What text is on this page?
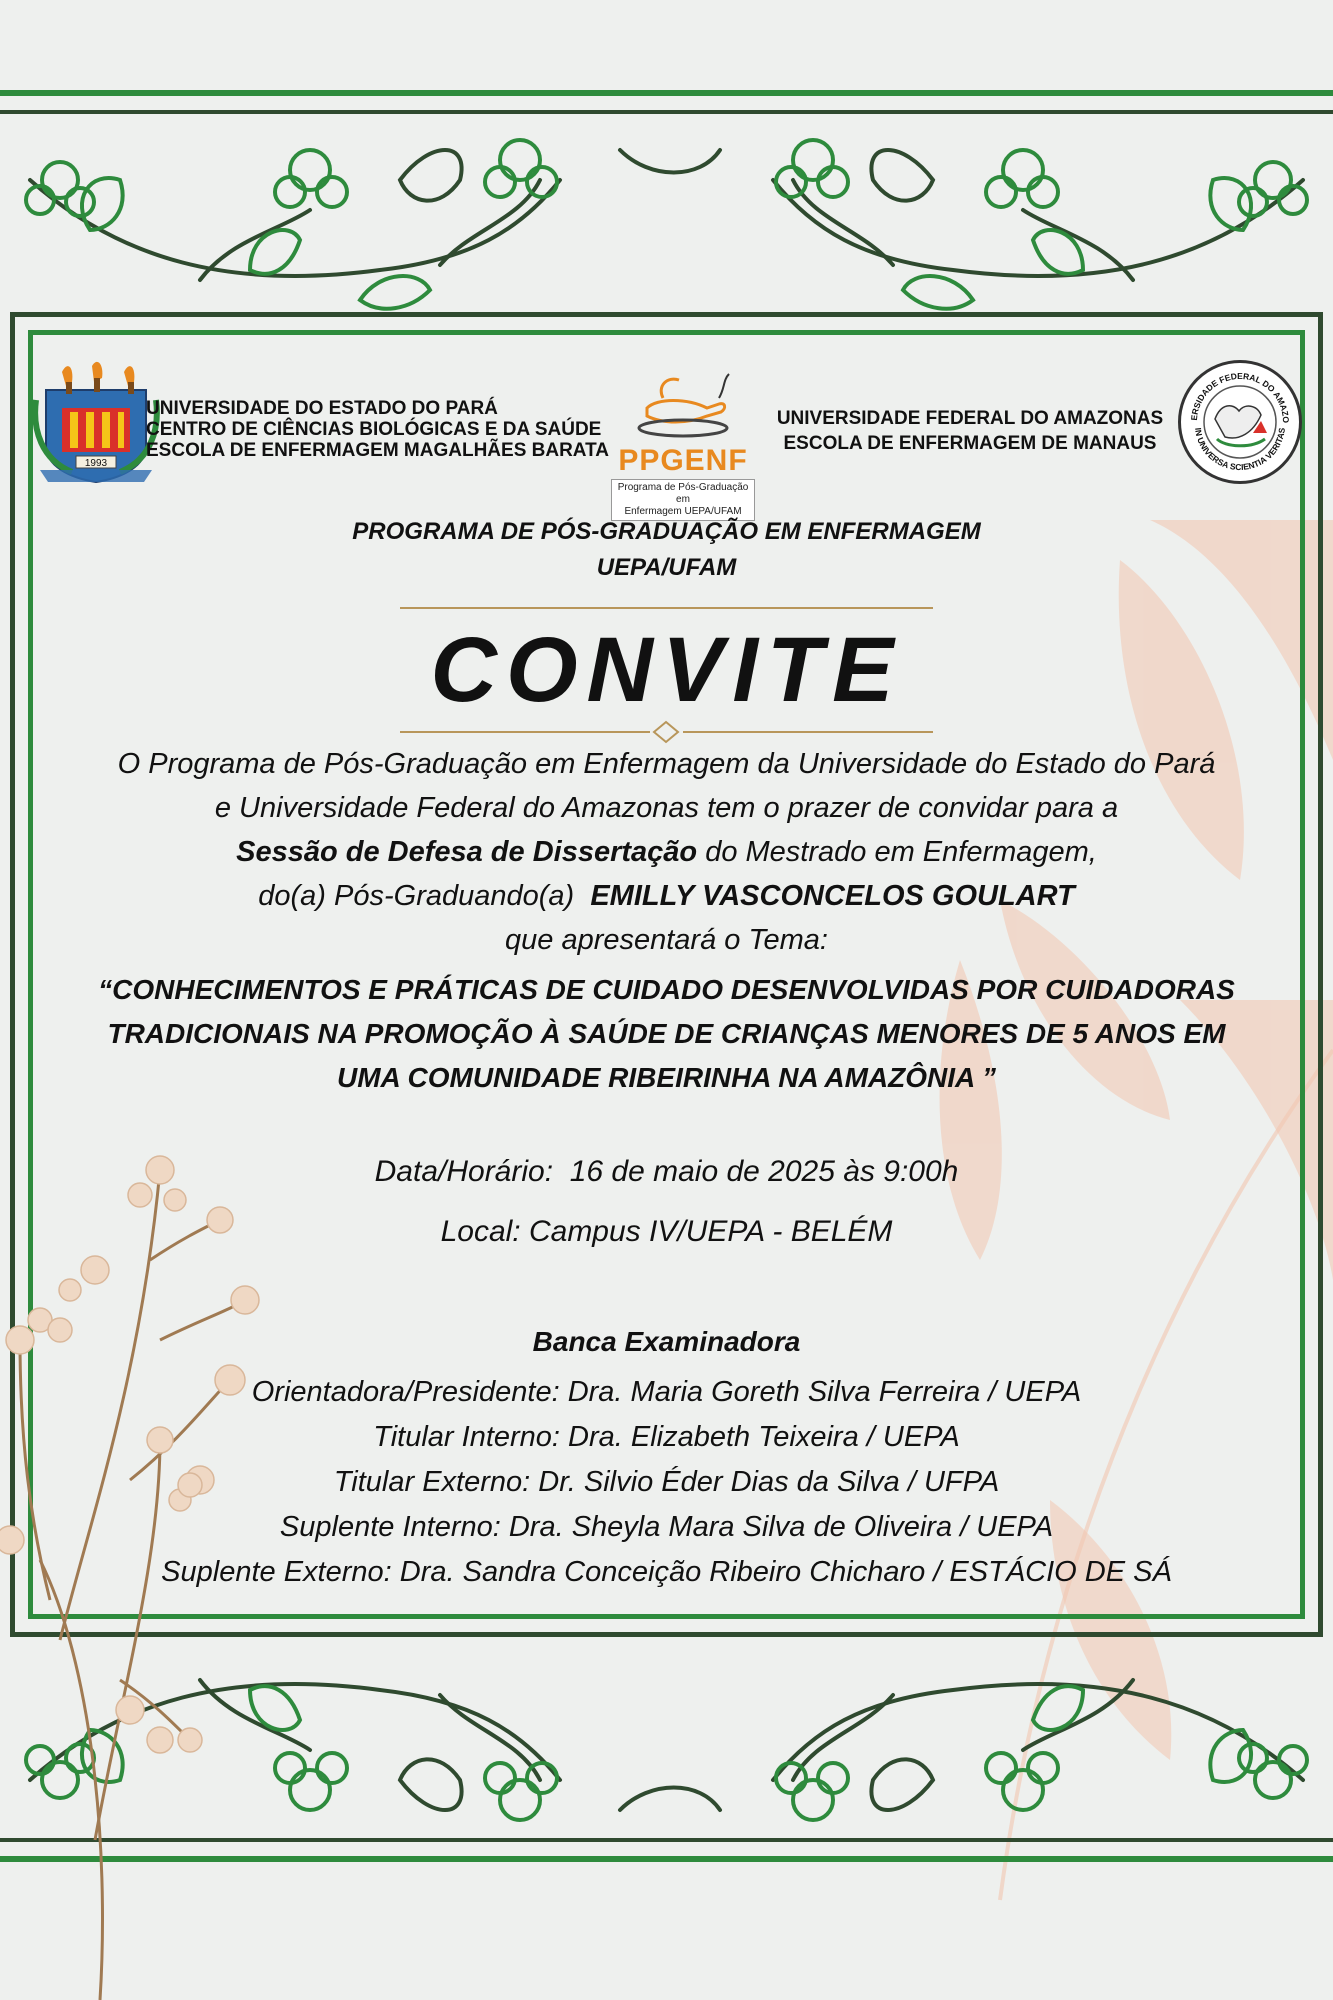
1993
UNIVERSIDADE DO ESTADO DO PARÁ
CENTRO DE CIÊNCIAS BIOLÓGICAS E DA SAÚDE
ESCOLA DE ENFERMAGEM MAGALHÃES BARATA PPGENF
Programa de Pós-Graduação em
Enfermagem UEPA/UFAM
UNIVERSIDADE FEDERAL DO AMAZONAS
ESCOLA DE ENFERMAGEM DE MANAUS
ERSIDADE FEDERAL DO AMAZO
IN UNIVERSA SCIENTIA VERITAS
PROGRAMA DE PÓS-GRADUAÇÃO EM ENFERMAGEM
UEPA/UFAM
CONVITE
O Programa de Pós-Graduação em Enfermagem da Universidade do Estado do Pará
e Universidade Federal do Amazonas tem o prazer de convidar para a
Sessão de Defesa de Dissertação do Mestrado em Enfermagem,
do(a) Pós-Graduando(a)  EMILLY VASCONCELOS GOULART
que apresentará o Tema:
“CONHECIMENTOS E PRÁTICAS DE CUIDADO DESENVOLVIDAS POR CUIDADORAS
TRADICIONAIS NA PROMOÇÃO À SAÚDE DE CRIANÇAS MENORES DE 5 ANOS EM
UMA COMUNIDADE RIBEIRINHA NA AMAZÔNIA ”
Data/Horário:  16 de maio de 2025 às 9:00h
Local: Campus IV/UEPA - BELÉM
Banca Examinadora
Orientadora/Presidente: Dra. Maria Goreth Silva Ferreira / UEPA
Titular Interno: Dra. Elizabeth Teixeira / UEPA
Titular Externo: Dr. Silvio Éder Dias da Silva / UFPA
Suplente Interno: Dra. Sheyla Mara Silva de Oliveira / UEPA
Suplente Externo: Dra. Sandra Conceição Ribeiro Chicharo / ESTÁCIO DE SÁ
